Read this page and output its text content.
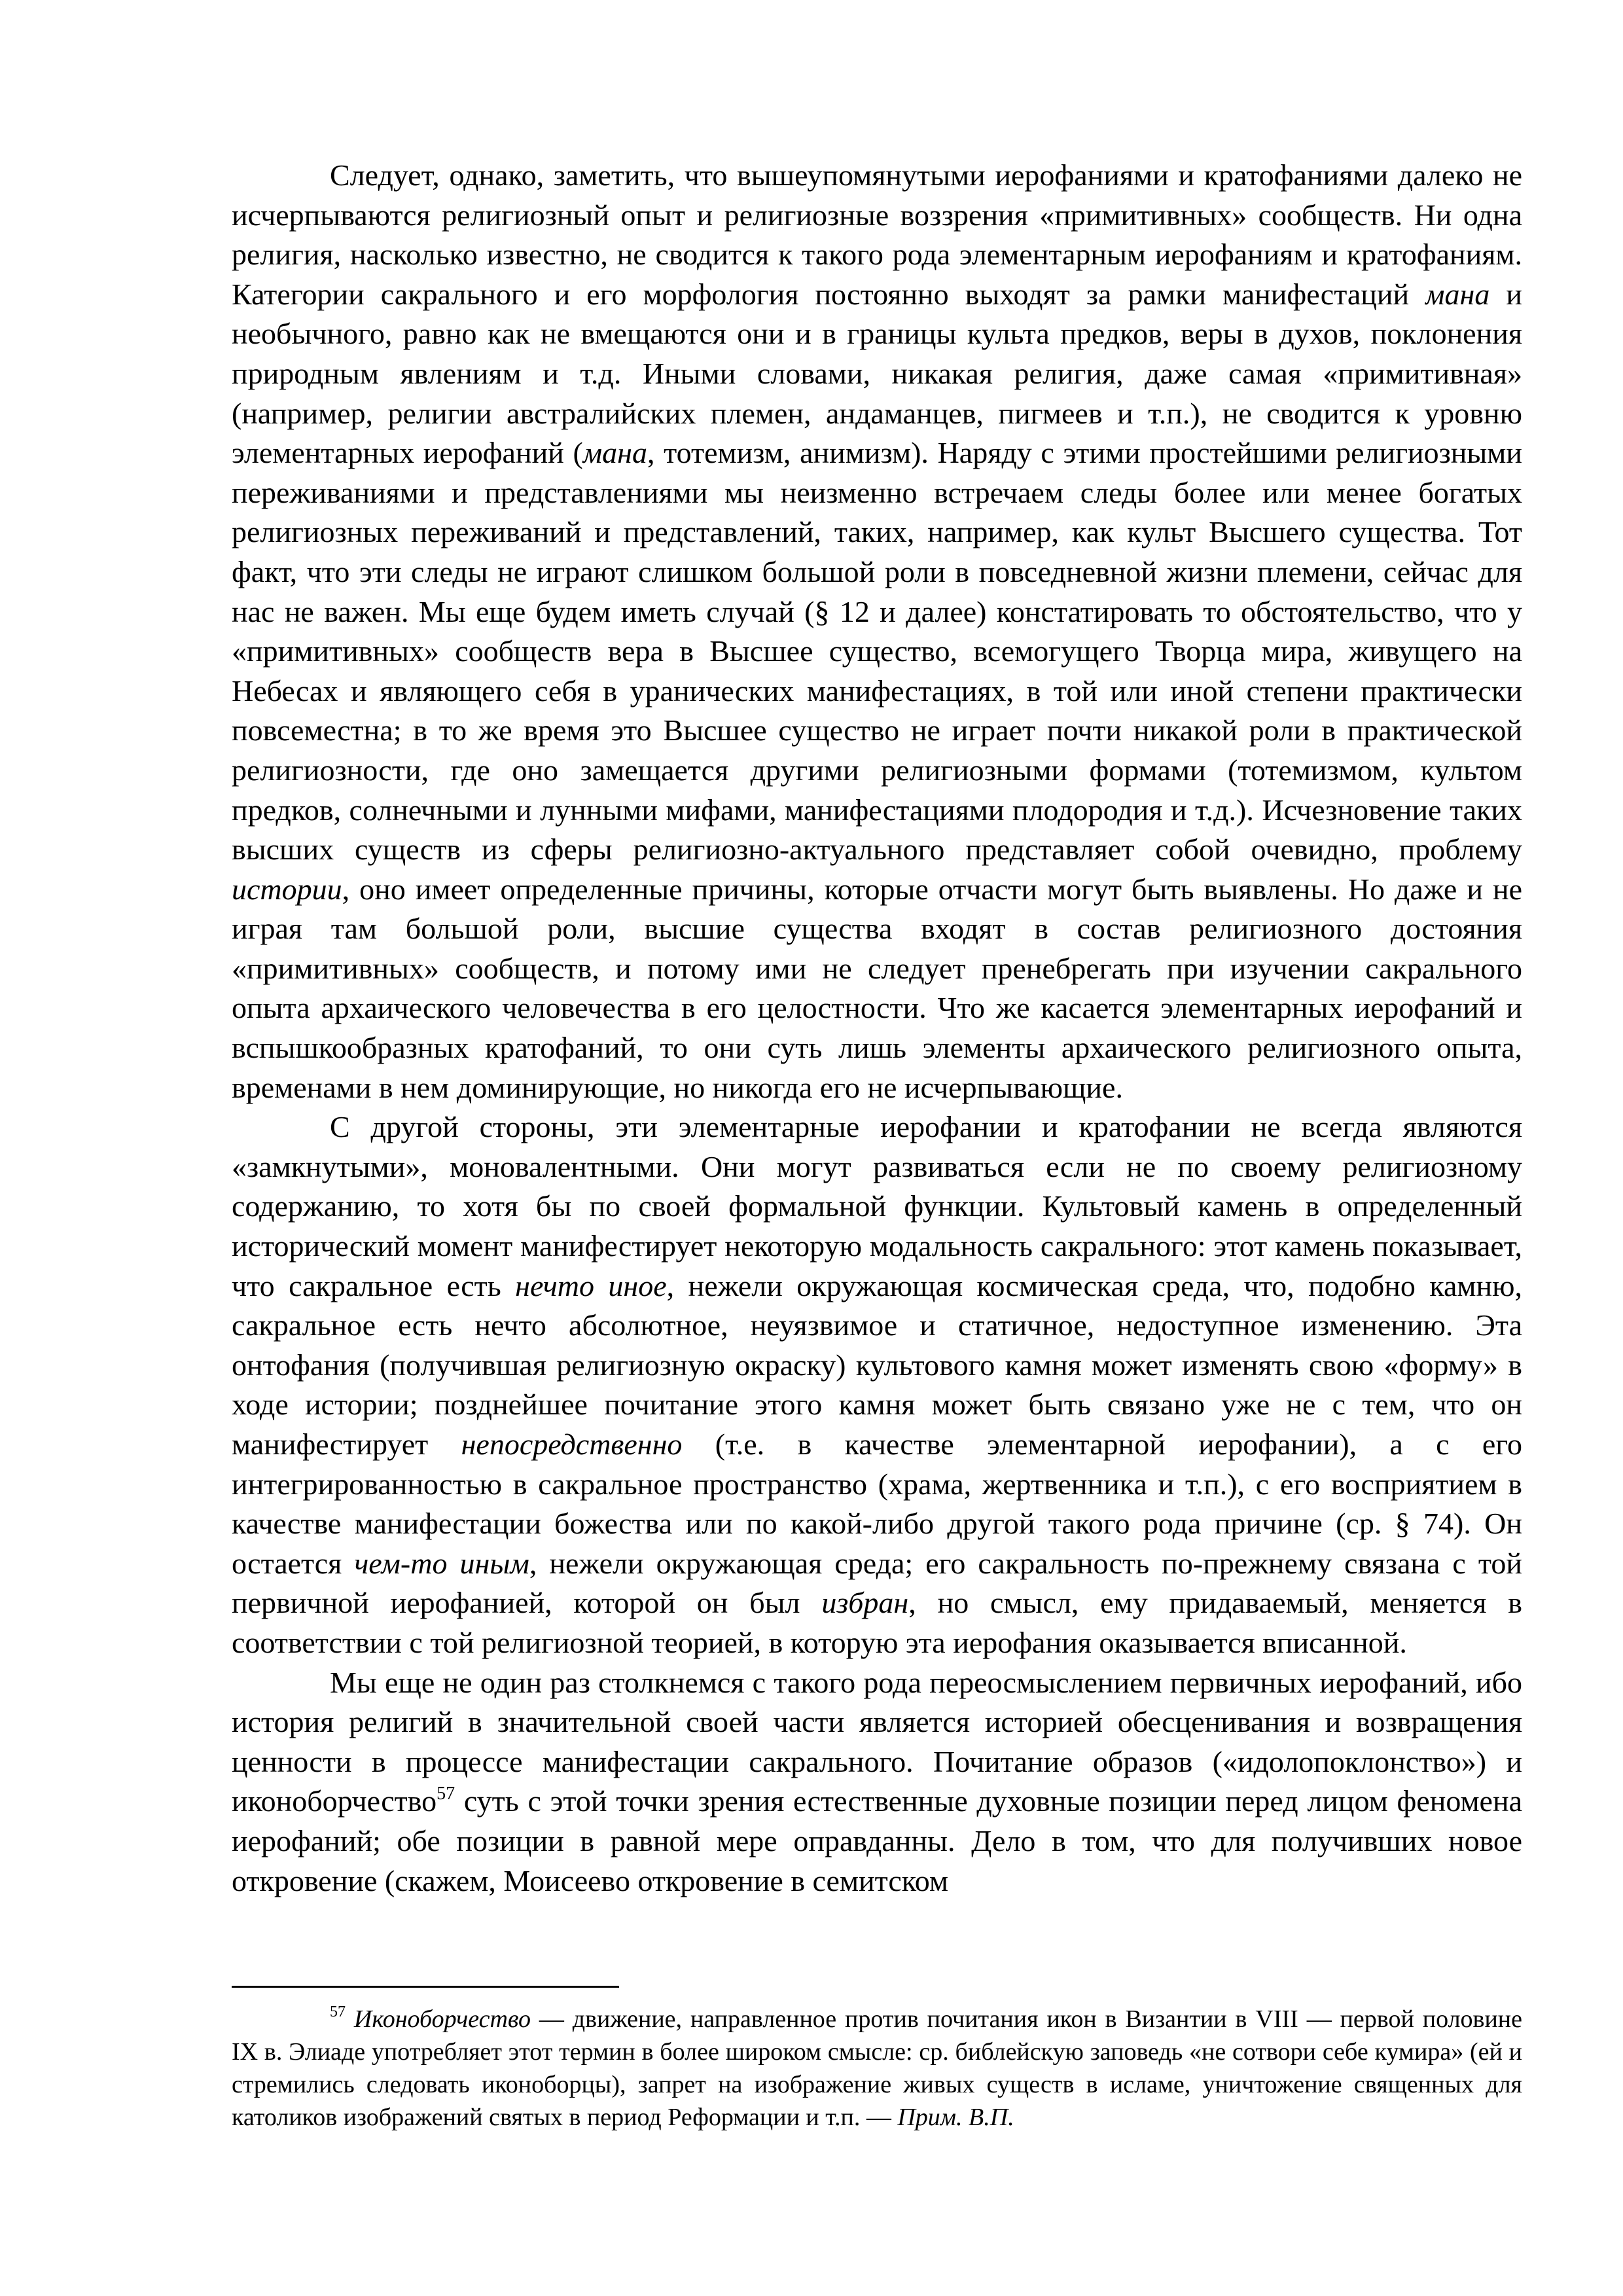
Следует, однако, заметить, что вышеупомянутыми иерофаниями и кратофаниями далеко не исчерпываются религиозный опыт и религиозные воззрения «примитивных» сообществ. Ни одна религия, насколько известно, не сводится к такого рода элементарным иерофаниям и кратофаниям. Категории сакрального и его морфология постоянно выходят за рамки манифестаций мана и необычного, равно как не вмещаются они и в границы культа предков, веры в духов, поклонения природным явлениям и т.д. Иными словами, никакая религия, даже самая «примитивная» (например, религии австралийских племен, андаманцев, пигмеев и т.п.), не сводится к уровню элементарных иерофаний (мана, тотемизм, анимизм). Наряду с этими простейшими религиозными переживаниями и представлениями мы неизменно встречаем следы более или менее богатых религиозных переживаний и представлений, таких, например, как культ Высшего существа. Тот факт, что эти следы не играют слишком большой роли в повседневной жизни племени, сейчас для нас не важен. Мы еще будем иметь случай (§ 12 и далее) констатировать то обстоятельство, что у «примитивных» сообществ вера в Высшее существо, всемогущего Творца мира, живущего на Небесах и являющего себя в уранических манифестациях, в той или иной степени практически повсеместна; в то же время это Высшее существо не играет почти никакой роли в практической религиозности, где оно замещается другими религиозными формами (тотемизмом, культом предков, солнечными и лунными мифами, манифестациями плодородия и т.д.). Исчезновение таких высших существ из сферы религиозно-актуального представляет собой очевидно, проблему истории, оно имеет определенные причины, которые отчасти могут быть выявлены. Но даже и не играя там большой роли, высшие существа входят в состав религиозного достояния «примитивных» сообществ, и потому ими не следует пренебрегать при изучении сакрального опыта архаического человечества в его целостности. Что же касается элементарных иерофаний и вспышкообразных кратофаний, то они суть лишь элементы архаического религиозного опыта, временами в нем доминирующие, но никогда его не исчерпывающие.

С другой стороны, эти элементарные иерофании и кратофании не всегда являются «замкнутыми», моновалентными. Они могут развиваться если не по своему религиозному содержанию, то хотя бы по своей формальной функции. Культовый камень в определенный исторический момент манифестирует некоторую модальность сакрального: этот камень показывает, что сакральное есть нечто иное, нежели окружающая космическая среда, что, подобно камню, сакральное есть нечто абсолютное, неуязвимое и статичное, недоступное изменению. Эта онтофания (получившая религиозную окраску) культового камня может изменять свою «форму» в ходе истории; позднейшее почитание этого камня может быть связано уже не с тем, что он манифестирует непосредственно (т.е. в качестве элементарной иерофании), а с его интегрированностью в сакральное пространство (храма, жертвенника и т.п.), с его восприятием в качестве манифестации божества или по какой-либо другой такого рода причине (ср. § 74). Он остается чем-то иным, нежели окружающая среда; его сакральность по-прежнему связана с той первичной иерофанией, которой он был избран, но смысл, ему придаваемый, меняется в соответствии с той религиозной теорией, в которую эта иерофания оказывается вписанной.

Мы еще не один раз столкнемся с такого рода переосмыслением первичных иерофаний, ибо история религий в значительной своей части является историей обесценивания и возвращения ценности в процессе манифестации сакрального. Почитание образов («идолопоклонство») и иконоборчество$^{57}$ суть с этой точки зрения естественные духовные позиции перед лицом феномена иерофаний; обе позиции в равной мере оправданны. Дело в том, что для получивших новое откровение (скажем, Моисеево откровение в семитском

$^{57}$ Иконоборчество — движение, направленное против почитания икон в Византии в VIII — первой половине IX в. Элиаде употребляет этот термин в более широком смысле: ср. библейскую заповедь «не сотвори себе кумира» (ей и стремились следовать иконоборцы), запрет на изображение живых существ в исламе, уничтожение священных для католиков изображений святых в период Реформации и т.п. — Прим. В.П.
